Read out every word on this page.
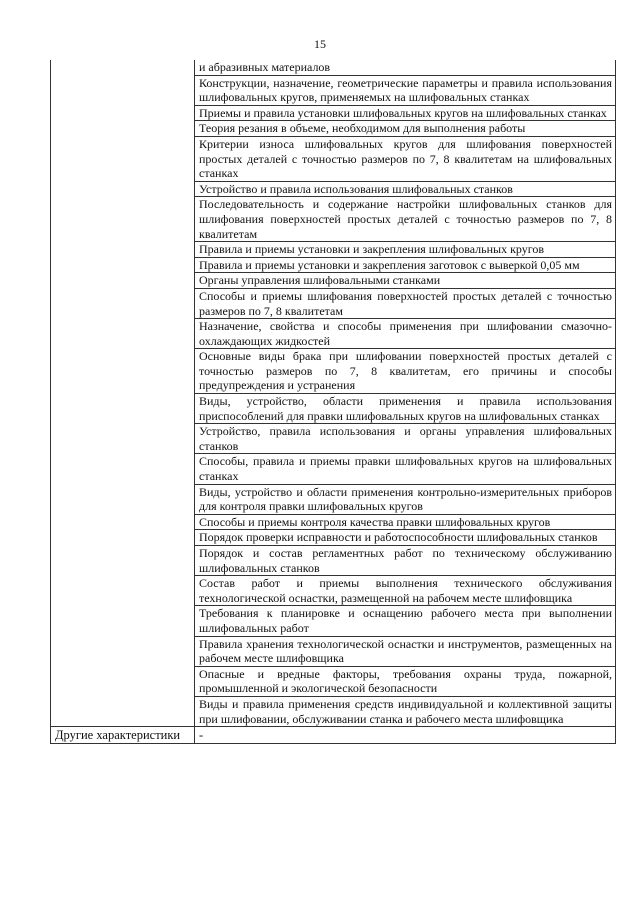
15
	и абразивных материалов
	Конструкции, назначение, геометрические параметры и правила использования шлифовальных кругов, применяемых на шлифовальных станках
	Приемы и правила установки шлифовальных кругов на шлифовальных станках
	Теория резания в объеме, необходимом для выполнения работы
	Критерии износа шлифовальных кругов для шлифования поверхностей простых деталей с точностью размеров по 7, 8 квалитетам на шлифовальных станках
	Устройство и правила использования шлифовальных станков
	Последовательность и содержание настройки шлифовальных станков для шлифования поверхностей простых деталей с точностью размеров по 7, 8 квалитетам
	Правила и приемы установки и закрепления шлифовальных кругов
	Правила и приемы установки и закрепления заготовок с выверкой 0,05 мм
	Органы управления шлифовальными станками
	Способы и приемы шлифования поверхностей простых деталей с точностью размеров по 7, 8 квалитетам
	Назначение, свойства и способы применения при шлифовании смазочно-охлаждающих жидкостей
	Основные виды брака при шлифовании поверхностей простых деталей с точностью размеров по 7, 8 квалитетам, его причины и способы предупреждения и устранения
	Виды, устройство, области применения и правила использования приспособлений для правки шлифовальных кругов на шлифовальных станках
	Устройство, правила использования и органы управления шлифовальных станков
	Способы, правила и приемы правки шлифовальных кругов на шлифовальных станках
	Виды, устройство и области применения контрольно-измерительных приборов для контроля правки шлифовальных кругов
	Способы и приемы контроля качества правки шлифовальных кругов
	Порядок проверки исправности и работоспособности шлифовальных станков
	Порядок и состав регламентных работ по техническому обслуживанию шлифовальных станков
	Состав работ и приемы выполнения технического обслуживания технологической оснастки, размещенной на рабочем месте шлифовщика
	Требования к планировке и оснащению рабочего места при выполнении шлифовальных работ
	Правила хранения технологической оснастки и инструментов, размещенных на рабочем месте шлифовщика
	Опасные и вредные факторы, требования охраны труда, пожарной, промышленной и экологической безопасности
	Виды и правила применения средств индивидуальной и коллективной защиты при шлифовании, обслуживании станка и рабочего места шлифовщика
Другие характеристики	-
